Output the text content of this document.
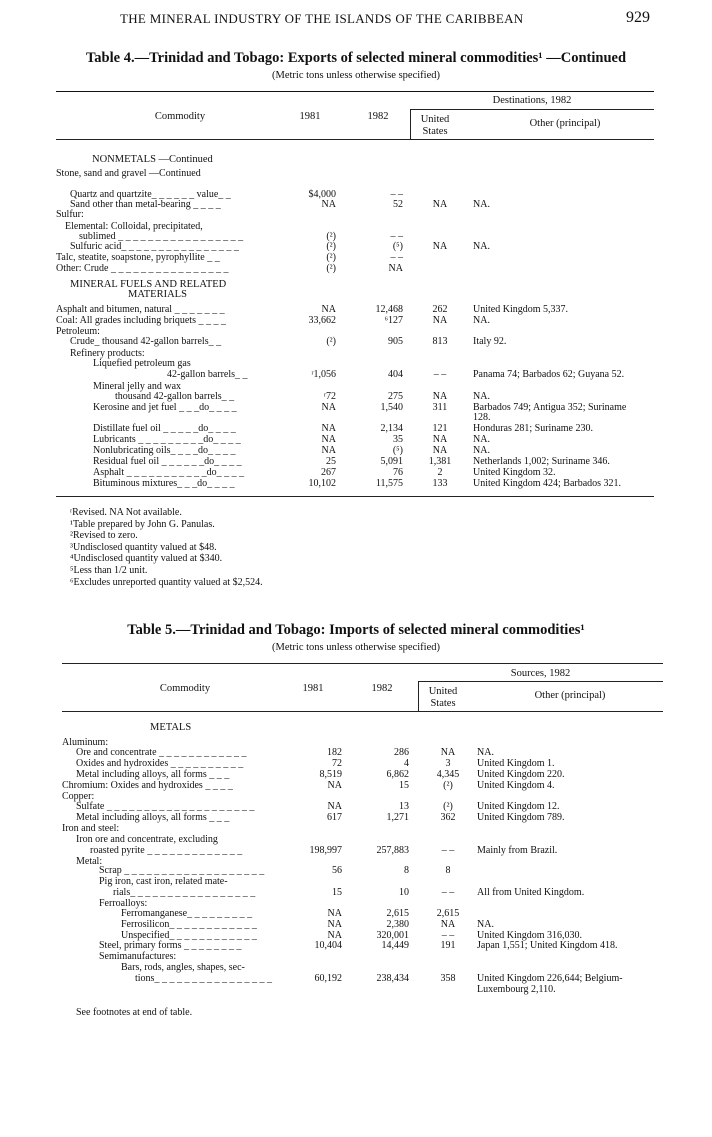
THE MINERAL INDUSTRY OF THE ISLANDS OF THE CARIBBEAN	929
Table 4.—Trinidad and Tobago: Exports of selected mineral commodities¹ —Continued
(Metric tons unless otherwise specified)
Destinations, 1982
Commodity	1981	1982	United States
Other (principal)
NONMETALS —Continued
Stone, sand and gravel —Continued
Quartz and quartzite_ _ _ _ _ _ value_ _	$4,000	– –
Sand other than metal-bearing _ _ _ _	NA	52	NA	NA.
Sulfur:
Elemental: Colloidal, precipitated,
sublimed _ _ _ _ _ _ _ _ _ _ _ _ _ _ _ _ _	(²)	– –
Sulfuric acid_ _ _ _ _ _ _ _ _ _ _ _ _ _ _ _	(²)	(⁵)	NA	NA.
Talc, steatite, soapstone, pyrophyllite _ _	(²)	– –
Other: Crude _ _ _ _ _ _ _ _ _ _ _ _ _ _ _ _	(²)	NA
MINERAL FUELS AND RELATED
MATERIALS
Asphalt and bitumen, natural _ _ _ _ _ _ _	NA	12,468	262	United Kingdom 5,337.
Coal: All grades including briquets _ _ _ _	33,662	⁶127	NA	NA.
Petroleum:
Crude_ thousand 42-gallon barrels_ _	(²)	905	813	Italy 92.
Refinery products:
Liquefied petroleum gas
42-gallon barrels_ _	ʳ1,056	404	– –	Panama 74; Barbados 62; Guyana 52.
Mineral jelly and wax
thousand 42-gallon barrels_ _	ʳ72	275	NA	NA.
Kerosine and jet fuel _ _ _do_ _ _ _	NA	1,540	311	Barbados 749; Antigua 352; Suriname
128.
Distillate fuel oil _ _ _ _ _do_ _ _ _	NA	2,134	121	Honduras 281; Suriname 230.
Lubricants _ _ _ _ _ _ _ _ _do_ _ _ _	NA	35	NA	NA.
Nonlubricating oils_ _ _ _do_ _ _ _	NA	(⁵)	NA	NA.
Residual fuel oil _ _ _ _ _ _do_ _ _ _	25	5,091	1,381	Netherlands 1,002; Suriname 346.
Asphalt _ _ _ _ _ _ _ _ _ _ _do_ _ _ _	267	76	2	United Kingdom 32.
Bituminous mixtures_ _ _do_ _ _ _	10,102	11,575	133	United Kingdom 424; Barbados 321.
ʳRevised. NA Not available.
¹Table prepared by John G. Panulas.
²Revised to zero.
³Undisclosed quantity valued at $48.
⁴Undisclosed quantity valued at $340.
⁵Less than 1/2 unit.
⁶Excludes unreported quantity valued at $2,524.
Table 5.—Trinidad and Tobago: Imports of selected mineral commodities¹
(Metric tons unless otherwise specified)
Sources, 1982
Commodity	1981	1982	United States
Other (principal)
METALS
Aluminum:
Ore and concentrate _ _ _ _ _ _ _ _ _ _ _ _	182	286	NA	NA.
Oxides and hydroxides _ _ _ _ _ _ _ _ _ _	72	4	3	United Kingdom 1.
Metal including alloys, all forms _ _ _	8,519	6,862	4,345	United Kingdom 220.
Chromium: Oxides and hydroxides _ _ _ _	NA	15	(²)	United Kingdom 4.
Copper:
Sulfate _ _ _ _ _ _ _ _ _ _ _ _ _ _ _ _ _ _ _ _	NA	13	(²)	United Kingdom 12.
Metal including alloys, all forms _ _ _	617	1,271	362	United Kingdom 789.
Iron and steel:
Iron ore and concentrate, excluding
roasted pyrite _ _ _ _ _ _ _ _ _ _ _ _ _	198,997	257,883	– –	Mainly from Brazil.
Metal:
Scrap _ _ _ _ _ _ _ _ _ _ _ _ _ _ _ _ _ _ _	56	8	8
Pig iron, cast iron, related mate-
rials_ _ _ _ _ _ _ _ _ _ _ _ _ _ _ _ _	15	10	– –	All from United Kingdom.
Ferroalloys:
Ferromanganese_ _ _ _ _ _ _ _ _	NA	2,615	2,615
Ferrosilicon_ _ _ _ _ _ _ _ _ _ _ _	NA	2,380	NA	NA.
Unspecified_ _ _ _ _ _ _ _ _ _ _ _	NA	320,001	– –	United Kingdom 316,030.
Steel, primary forms _ _ _ _ _ _ _ _	10,404	14,449	191	Japan 1,551; United Kingdom 418.
Semimanufactures:
Bars, rods, angles, shapes, sec-
tions_ _ _ _ _ _ _ _ _ _ _ _ _ _ _ _	60,192	238,434	358	United Kingdom 226,644; Belgium-
Luxembourg 2,110.
See footnotes at end of table.
